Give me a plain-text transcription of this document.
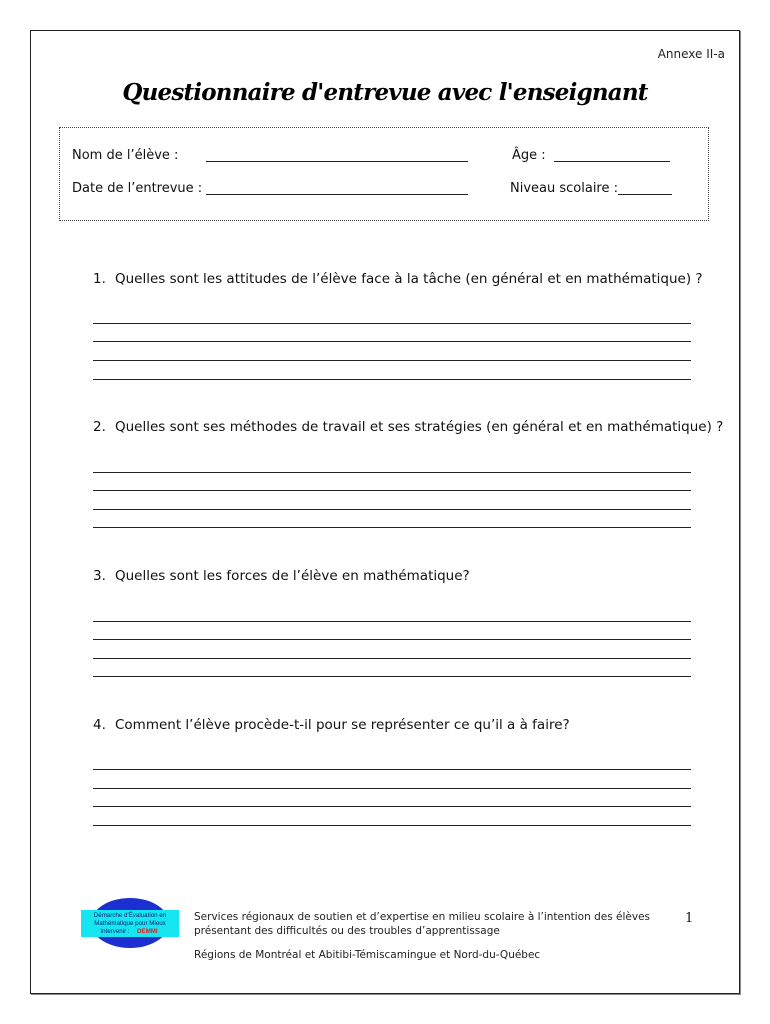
Annexe II-a
Questionnaire d'entrevue avec l'enseignant
Nom de l’élève :	Âge :
Date de l’entrevue :	Niveau scolaire :
1. Quelles sont les attitudes de l’élève face à la tâche (en général et en mathématique) ?
2. Quelles sont ses méthodes de travail et ses stratégies (en général et en mathématique) ?
3. Quelles sont les forces de l’élève en mathématique?
4. Comment l’élève procède-t-il pour se représenter ce qu’il a à faire?
Démarche d'Évaluation en
Mathématique pour Mieux
Intervenir : DEMMI
Services régionaux de soutien et d’expertise en milieu scolaire à l’intention des élèves
présentant des difficultés ou des troubles d’apprentissage
Régions de Montréal et Abitibi-Témiscamingue et Nord-du-Québec
1
